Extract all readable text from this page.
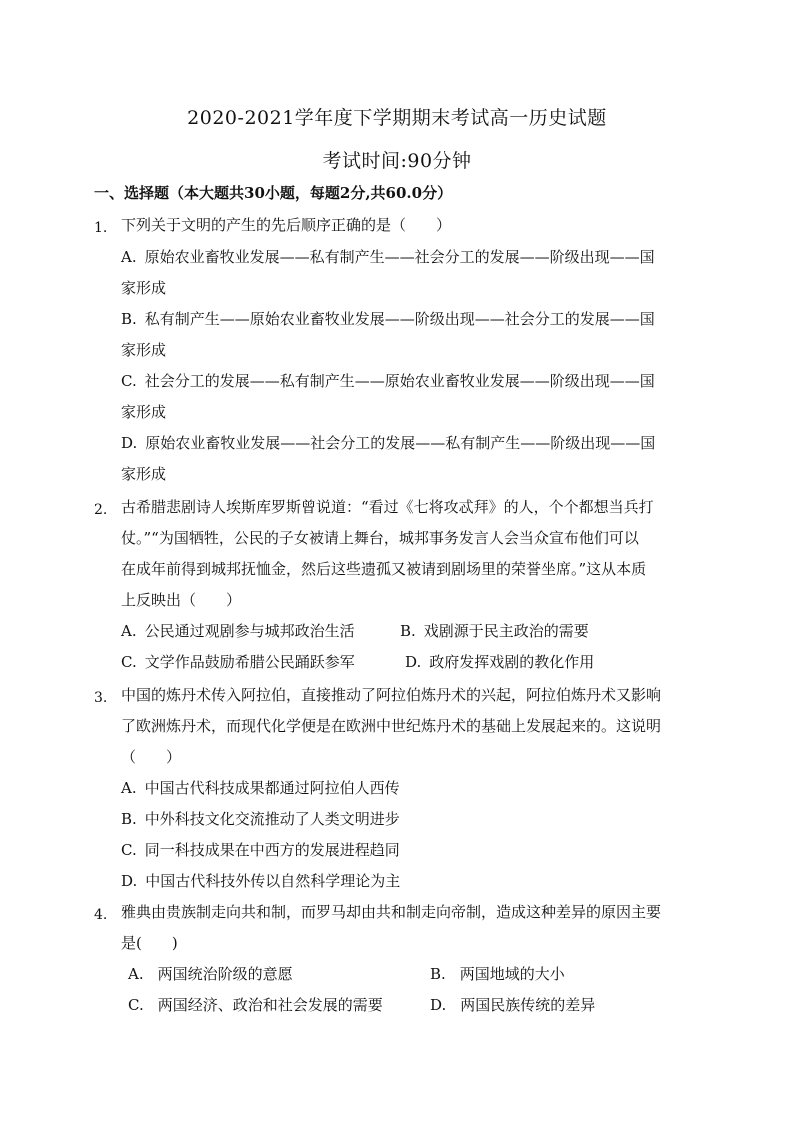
2020-2021学年度下学期期末考试高一历史试题
考试时间:90分钟
一、选择题（本大题共30小题，每题2分,共60.0分）
1. 下列关于文明的产生的先后顺序正确的是（　　）
A. 原始农业畜牧业发展——私有制产生——社会分工的发展——阶级出现——国
家形成
B. 私有制产生——原始农业畜牧业发展——阶级出现——社会分工的发展——国
家形成
C. 社会分工的发展——私有制产生——原始农业畜牧业发展——阶级出现——国
家形成
D. 原始农业畜牧业发展——社会分工的发展——私有制产生——阶级出现——国
家形成
2. 古希腊悲剧诗人埃斯库罗斯曾说道：“看过《七将攻忒拜》的人，个个都想当兵打
仗。”“为国牺牲，公民的子女被请上舞台，城邦事务发言人会当众宣布他们可以
在成年前得到城邦抚恤金，然后这些遗孤又被请到剧场里的荣誉坐席。”这从本质
上反映出（　　）
A. 公民通过观剧参与城邦政治生活	B. 戏剧源于民主政治的需要
C. 文学作品鼓励希腊公民踊跃参军	D. 政府发挥戏剧的教化作用
3. 中国的炼丹术传入阿拉伯，直接推动了阿拉伯炼丹术的兴起，阿拉伯炼丹术又影响
了欧洲炼丹术，而现代化学便是在欧洲中世纪炼丹术的基础上发展起来的。这说明
（　　）
A. 中国古代科技成果都通过阿拉伯人西传
B. 中外科技文化交流推动了人类文明进步
C. 同一科技成果在中西方的发展进程趋同
D. 中国古代科技外传以自然科学理论为主
4. 雅典由贵族制走向共和制，而罗马却由共和制走向帝制，造成这种差异的原因主要
是(　　)
A. 两国统治阶级的意愿	B. 两国地域的大小
C. 两国经济、政治和社会发展的需要	D. 两国民族传统的差异
